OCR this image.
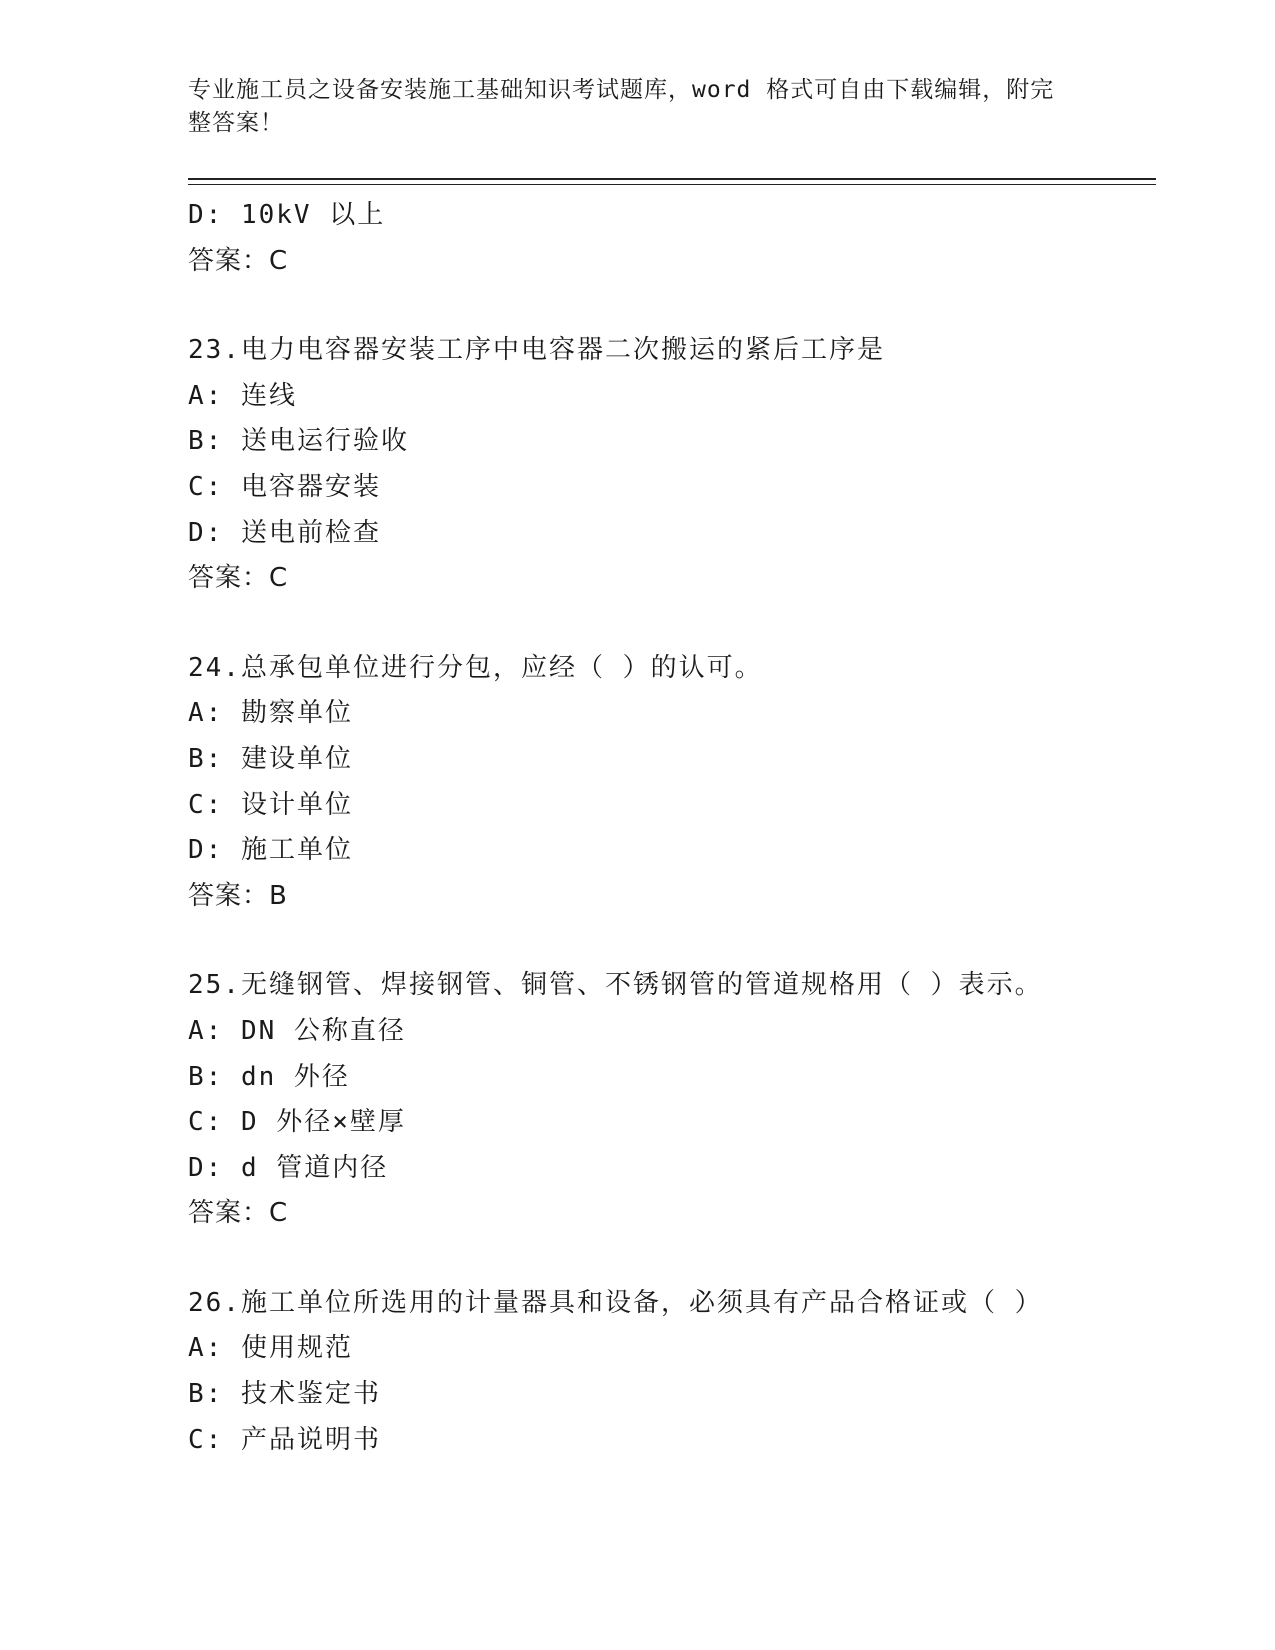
专业施工员之设备安装施工基础知识考试题库，word 格式可自由下载编辑，附完
整答案！
D: 10kV 以上
答案：C
23.电力电容器安装工序中电容器二次搬运的紧后工序是
A: 连线
B: 送电运行验收
C: 电容器安装
D: 送电前检查
答案：C
24.总承包单位进行分包，应经（ ）的认可。
A: 勘察单位
B: 建设单位
C: 设计单位
D: 施工单位
答案：B
25.无缝钢管、焊接钢管、铜管、不锈钢管的管道规格用（ ）表示。
A: DN 公称直径
B: dn 外径
C: D 外径×壁厚
D: d 管道内径
答案：C
26.施工单位所选用的计量器具和设备，必须具有产品合格证或（ ）
A: 使用规范
B: 技术鉴定书
C: 产品说明书
